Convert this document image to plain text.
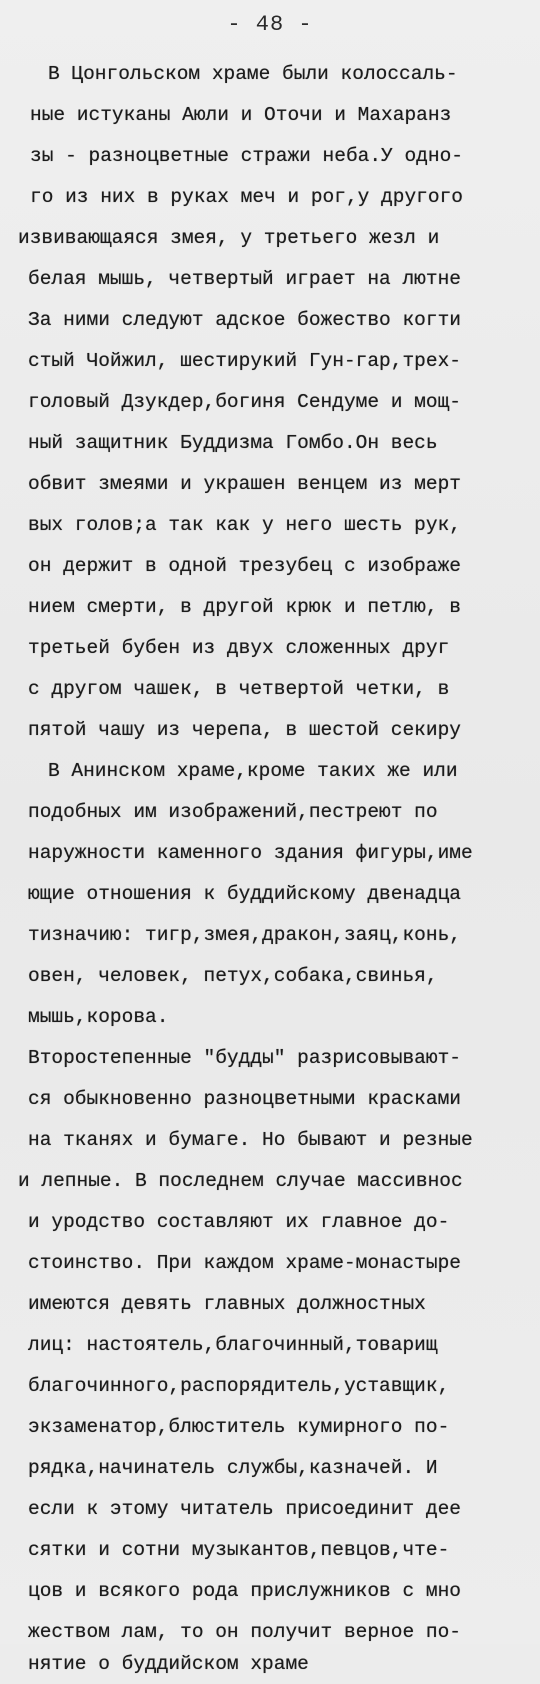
- 48 -
В Цонгольском храме были колоссаль-
ные истуканы Аюли и Оточи и Махаранз
зы - разноцветные стражи неба.У одно-
го из них в руках меч и рог,у другого
извивающаяся змея, у третьего жезл и
белая мышь, четвертый играет на лютне
За ними следуют адское божество когти
стый Чойжил, шестирукий Гун-гар,трех-
головый Дзукдер,богиня Сендуме и мощ-
ный защитник Буддизма Гомбо.Он весь
обвит змеями и украшен венцем из мерт
вых голов;а так как у него шесть рук,
он держит в одной трезубец с изображе
нием смерти, в другой крюк и петлю, в
третьей бубен из двух сложенных друг
с другом чашек, в четвертой четки, в
пятой чашу из черепа, в шестой секиру
В Анинском храме,кроме таких же или
подобных им изображений,пестреют по
наружности каменного здания фигуры,име
ющие отношения к буддийскому двенадца
тизначию: тигр,змея,дракон,заяц,конь,
овен, человек, петух,собака,свинья,
мышь,корова.
Второстепенные "будды" разрисовывают-
ся обыкновенно разноцветными красками
на тканях и бумаге. Но бывают и резные
и лепные. В последнем случае массивнос
и уродство составляют их главное до-
стоинство. При каждом храме-монастыре
имеются девять главных должностных
лиц: настоятель,благочинный,товарищ
благочинного,распорядитель,уставщик,
экзаменатор,блюститель кумирного по-
рядка,начинатель службы,казначей. И
если к этому читатель присоединит дее
сятки и сотни музыкантов,певцов,чте-
цов и всякого рода прислужников с мно
жеством лам, то он получит верное по-
нятие о буддийском храме
